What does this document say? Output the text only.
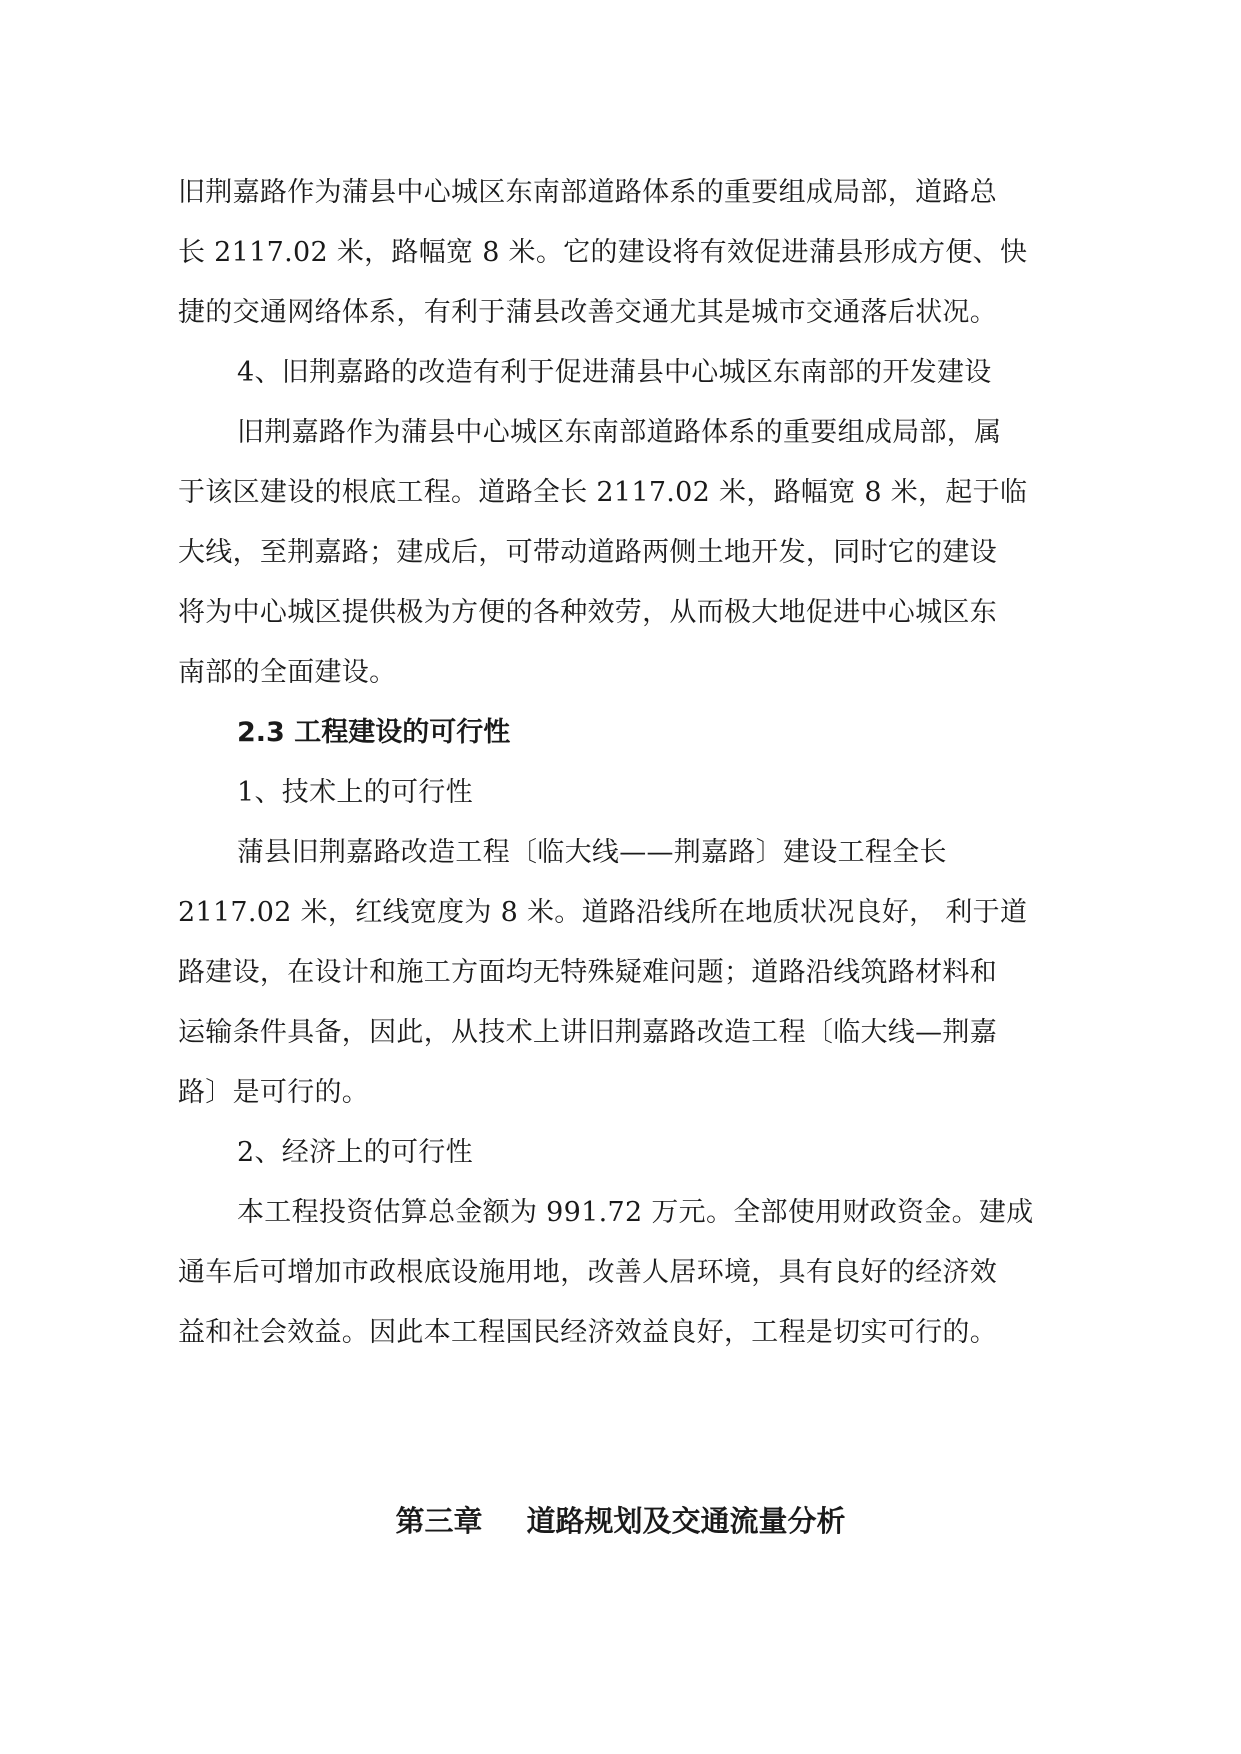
旧荆嘉路作为蒲县中心城区东南部道路体系的重要组成局部，道路总
长 2117.02 米，路幅宽 8 米。它的建设将有效促进蒲县形成方便、快
捷的交通网络体系，有利于蒲县改善交通尤其是城市交通落后状况。
4、旧荆嘉路的改造有利于促进蒲县中心城区东南部的开发建设
旧荆嘉路作为蒲县中心城区东南部道路体系的重要组成局部，属
于该区建设的根底工程。道路全长 2117.02 米，路幅宽 8 米，起于临
大线，至荆嘉路；建成后，可带动道路两侧土地开发，同时它的建设
将为中心城区提供极为方便的各种效劳，从而极大地促进中心城区东
南部的全面建设。
2.3 工程建设的可行性
1、技术上的可行性
蒲县旧荆嘉路改造工程〔临大线——荆嘉路〕建设工程全长
2117.02 米，红线宽度为 8 米。道路沿线所在地质状况良好， 利于道
路建设，在设计和施工方面均无特殊疑难问题；道路沿线筑路材料和
运输条件具备，因此，从技术上讲旧荆嘉路改造工程〔临大线—荆嘉
路〕是可行的。
2、经济上的可行性
本工程投资估算总金额为 991.72 万元。全部使用财政资金。建成
通车后可增加市政根底设施用地，改善人居环境，具有良好的经济效
益和社会效益。因此本工程国民经济效益良好，工程是切实可行的。
第三章 道路规划及交通流量分析
